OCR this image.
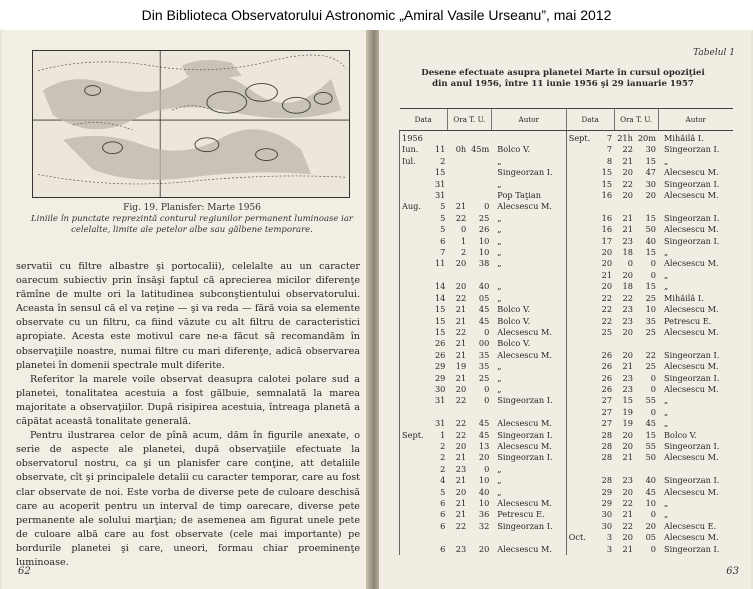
Din Biblioteca Observatorului Astronomic „Amiral Vasile Urseanu”, mai 2012
Fig. 19. Planisfer: Marte 1956
Liniile în punctate reprezintă conturul regiunilor permanent luminoase iar celelalte, limite ale petelor albe sau gălbene temporare.

servatii cu filtre albastre şi portocalii), celelalte au un caracter oarecum subiectiv prin însăşi faptul că aprecierea micilor diferenţe rămîne de multe ori la latitudinea subconştientului observatorului. Aceasta în sensul că el va reţine — şi va reda — fără voia sa elemente observate cu un filtru, ca fiind văzute cu alt filtru de caracteristici apropiate. Acesta este motivul care ne-a făcut să recomandăm în observaţiile noastre, numai filtre cu mari diferenţe, adică observarea planetei în domenii spectrale mult diferite.

Referitor la marele voile observat deasupra calotei polare sud a planetei, tonalitatea acestuia a fost gălbuie, semnalată la marea majoritate a observaţiilor. După risipirea acestuia, întreaga planetă a căpătat această tonalitate generală.

Pentru ilustrarea celor de pînă acum, dăm în figurile anexate, o serie de aspecte ale planetei, după observaţiile efectuate la observatorul nostru, ca şi un planisfer care conţine, att detaliile observate, cît şi principalele detalii cu caracter temporar, care au fost clar observate de noi. Este vorba de diverse pete de culoare deschisă care au acoperit pentru un interval de timp oarecare, diverse pete permanente ale solului marţian; de asemenea am figurat unele pete de culoare albă care au fost observate (cele mai importante) pe bordurile planetei şi care, uneori, formau chiar proeminenţe luminoase.

62
Tabelul 1
Desene efectuate asupra planetei Marte în cursul opoziţiei
din anul 1956, între 11 iunie 1956 şi 29 ianuarie 1957
Data		Ora T. U.		Autor	Data		Ora T. U.		Autor
1956					Sept.	7	21h	20m	Mihăilă I.
Iun.	11	0h	45m	Bolco V.		7	22	30	Singeorzan I.
Iul.	2			„		8	21	15	„
	15			Singeorzan I.		15	20	47	Alecsescu M.
	31			„		15	22	30	Singeorzan I.
	31			Pop Taţian		16	20	20	Alecsescu M.
Aug.	5	21	0	Alecsescu M.					
	5	22	25	„		16	21	15	Singeorzan I.
	5	0	26	„		16	21	50	Alecsescu M.
	6	1	10	„		17	23	40	Singeorzan I.
	7	2	10	„		20	18	15	„
	11	20	38	„		20	0	0	Alecsescu M.
						21	20	0	„
	14	20	40	„		20	18	15	„
	14	22	05	„		22	22	25	Mihăilă I.
	15	21	45	Bolco V.		22	23	10	Alecsescu M.
	15	21	45	Bolco V.		22	23	35	Petrescu E.
	15	22	0	Alecsescu M.		25	20	25	Alecsescu M.
	26	21	00	Bolco V.					
	26	21	35	Alecsescu M.		26	20	22	Singeorzan I.
	29	19	35	„		26	21	25	Alecsescu M.
	29	21	25	„		26	23	0	Singeorzan I.
	30	20	0	„		26	23	0	Alecsescu M.
	31	22	0	Singeorzan I.		27	15	55	„
						27	19	0	„
	31	22	45	Alecsescu M.		27	19	45	„
Sept.	1	22	45	Singeorzan I.		28	20	15	Bolco V.
	2	20	13	Alecsescu M.		28	20	55	Singeorzan I.
	2	21	20	Singeorzan I.		28	21	50	Alecsescu M.
	2	23	0	„					
	4	21	10	„		28	23	40	Singeorzan I.
	5	20	40	„		29	20	45	Alecsescu M.
	6	21	10	Alecsescu M.		29	22	10	„
	6	21	36	Petrescu E.		30	21	0	„
	6	22	32	Singeorzan I.		30	22	20	Alecsescu E.
					Oct.	3	20	05	Alecsescu M.
	6	23	20	Alecsescu M.		3	21	0	Singeorzan I.
63
